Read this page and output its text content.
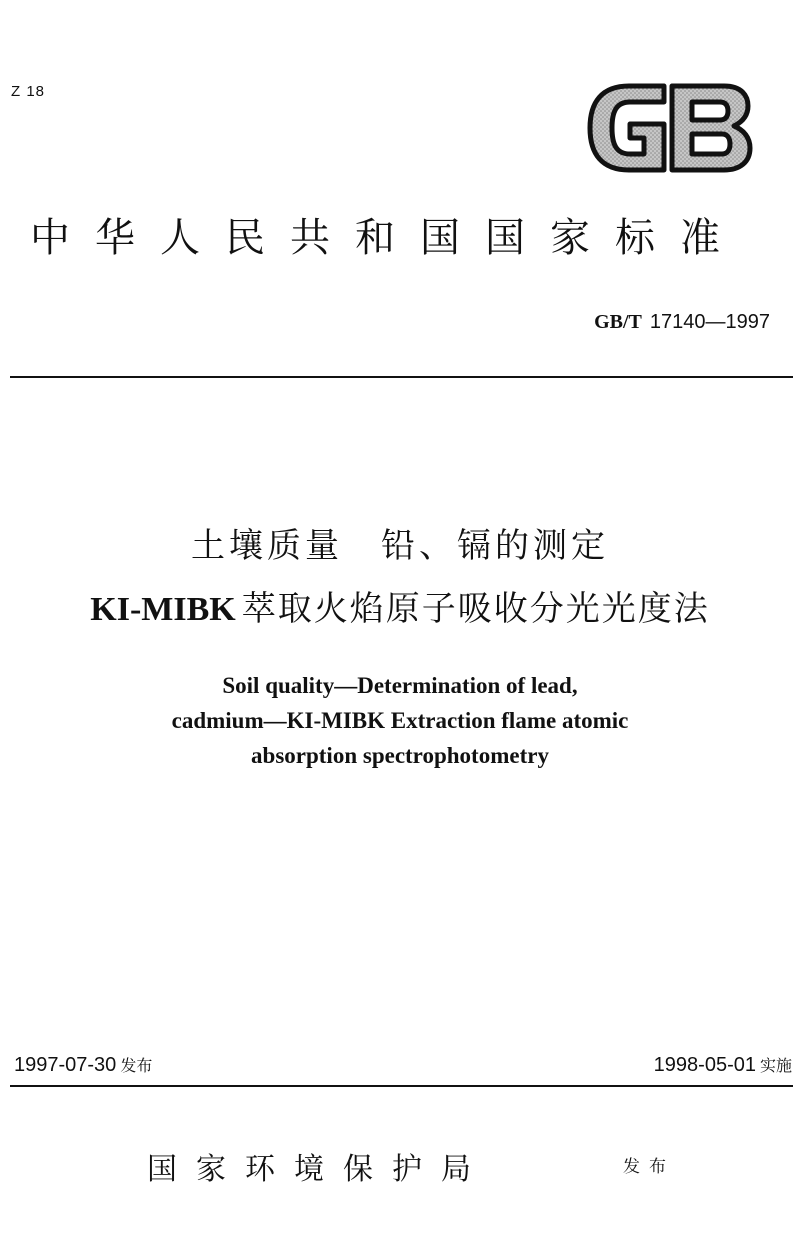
Z 18
中华人民共和国国家标准
GB/T 17140—1997
土壤质量　铅、镉的测定
KI-MIBK 萃取火焰原子吸收分光光度法
Soil quality—Determination of lead,
cadmium—KI-MIBK Extraction flame atomic
absorption spectrophotometry
1997-07-30 发布	1998-05-01 实施
国家环境保护局	发布
